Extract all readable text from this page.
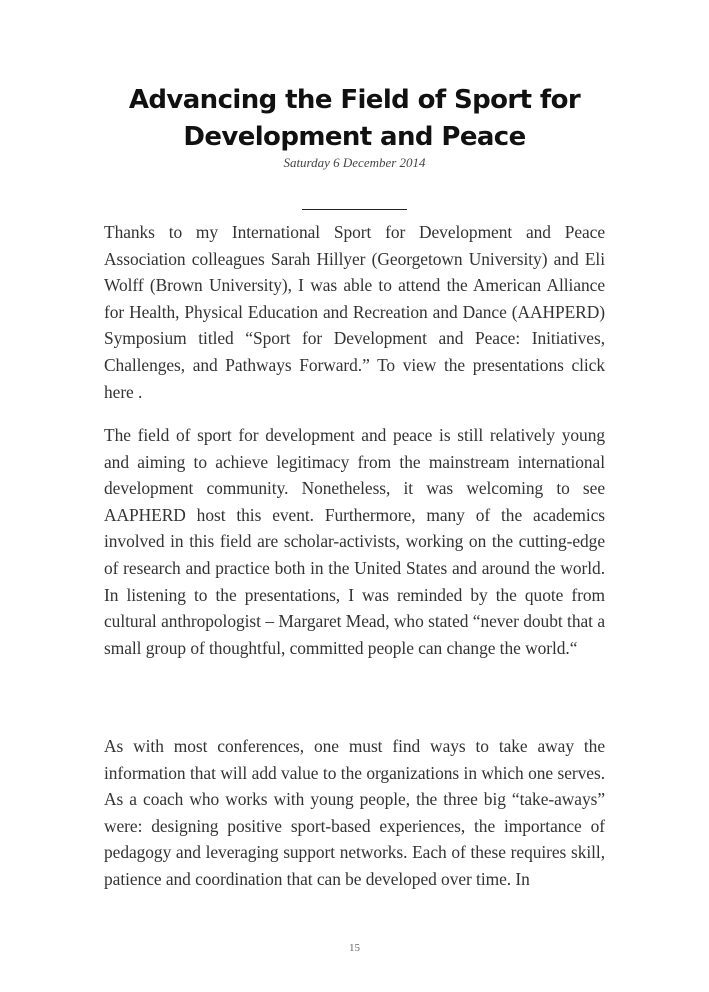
Advancing the Field of Sport for Development and Peace
Saturday 6 December 2014

Thanks to my International Sport for Development and Peace Association colleagues Sarah Hillyer (Georgetown University) and Eli Wolff (Brown University), I was able to attend the American Alliance for Health, Physical Education and Recreation and Dance (AAHPERD) Symposium titled “Sport for Development and Peace: Initiatives, Challenges, and Pathways Forward.” To view the presentations click here .

The field of sport for development and peace is still relatively young and aiming to achieve legitimacy from the mainstream international development community. Nonetheless, it was welcoming to see AAPHERD host this event. Furthermore, many of the academics involved in this field are scholar-activists, working on the cutting-edge of research and practice both in the United States and around the world. In listening to the presentations, I was reminded by the quote from cultural anthropologist – Margaret Mead, who stated “never doubt that a small group of thoughtful, committed people can change the world.“

As with most conferences, one must find ways to take away the information that will add value to the organizations in which one serves. As a coach who works with young people, the three big “take-aways” were: designing positive sport-based experiences, the importance of pedagogy and leveraging support networks. Each of these requires skill, patience and coordination that can be developed over time. In

15
